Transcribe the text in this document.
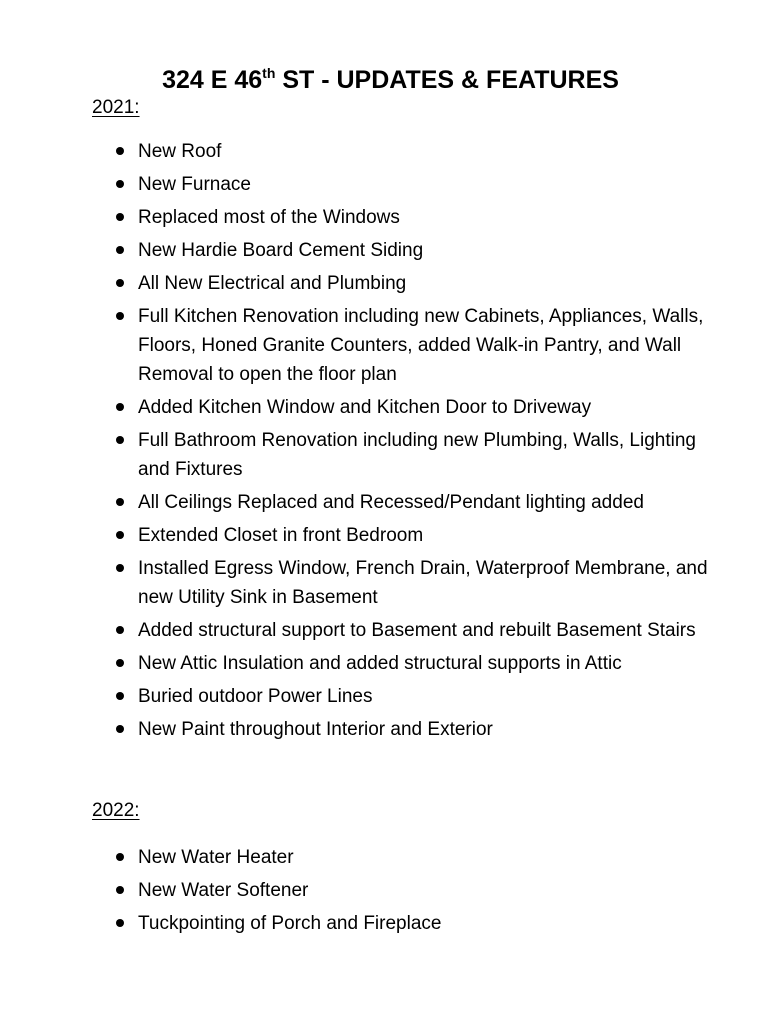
324 E 46th ST - UPDATES & FEATURES
2021:
New Roof
New Furnace
Replaced most of the Windows
New Hardie Board Cement Siding
All New Electrical and Plumbing
Full Kitchen Renovation including new Cabinets, Appliances, Walls, Floors, Honed Granite Counters, added Walk-in Pantry, and Wall Removal to open the floor plan
Added Kitchen Window and Kitchen Door to Driveway
Full Bathroom Renovation including new Plumbing, Walls, Lighting and Fixtures
All Ceilings Replaced and Recessed/Pendant lighting added
Extended Closet in front Bedroom
Installed Egress Window, French Drain, Waterproof Membrane, and new Utility Sink in Basement
Added structural support to Basement and rebuilt Basement Stairs
New Attic Insulation and added structural supports in Attic
Buried outdoor Power Lines
New Paint throughout Interior and Exterior
2022:
New Water Heater
New Water Softener
Tuckpointing of Porch and Fireplace
